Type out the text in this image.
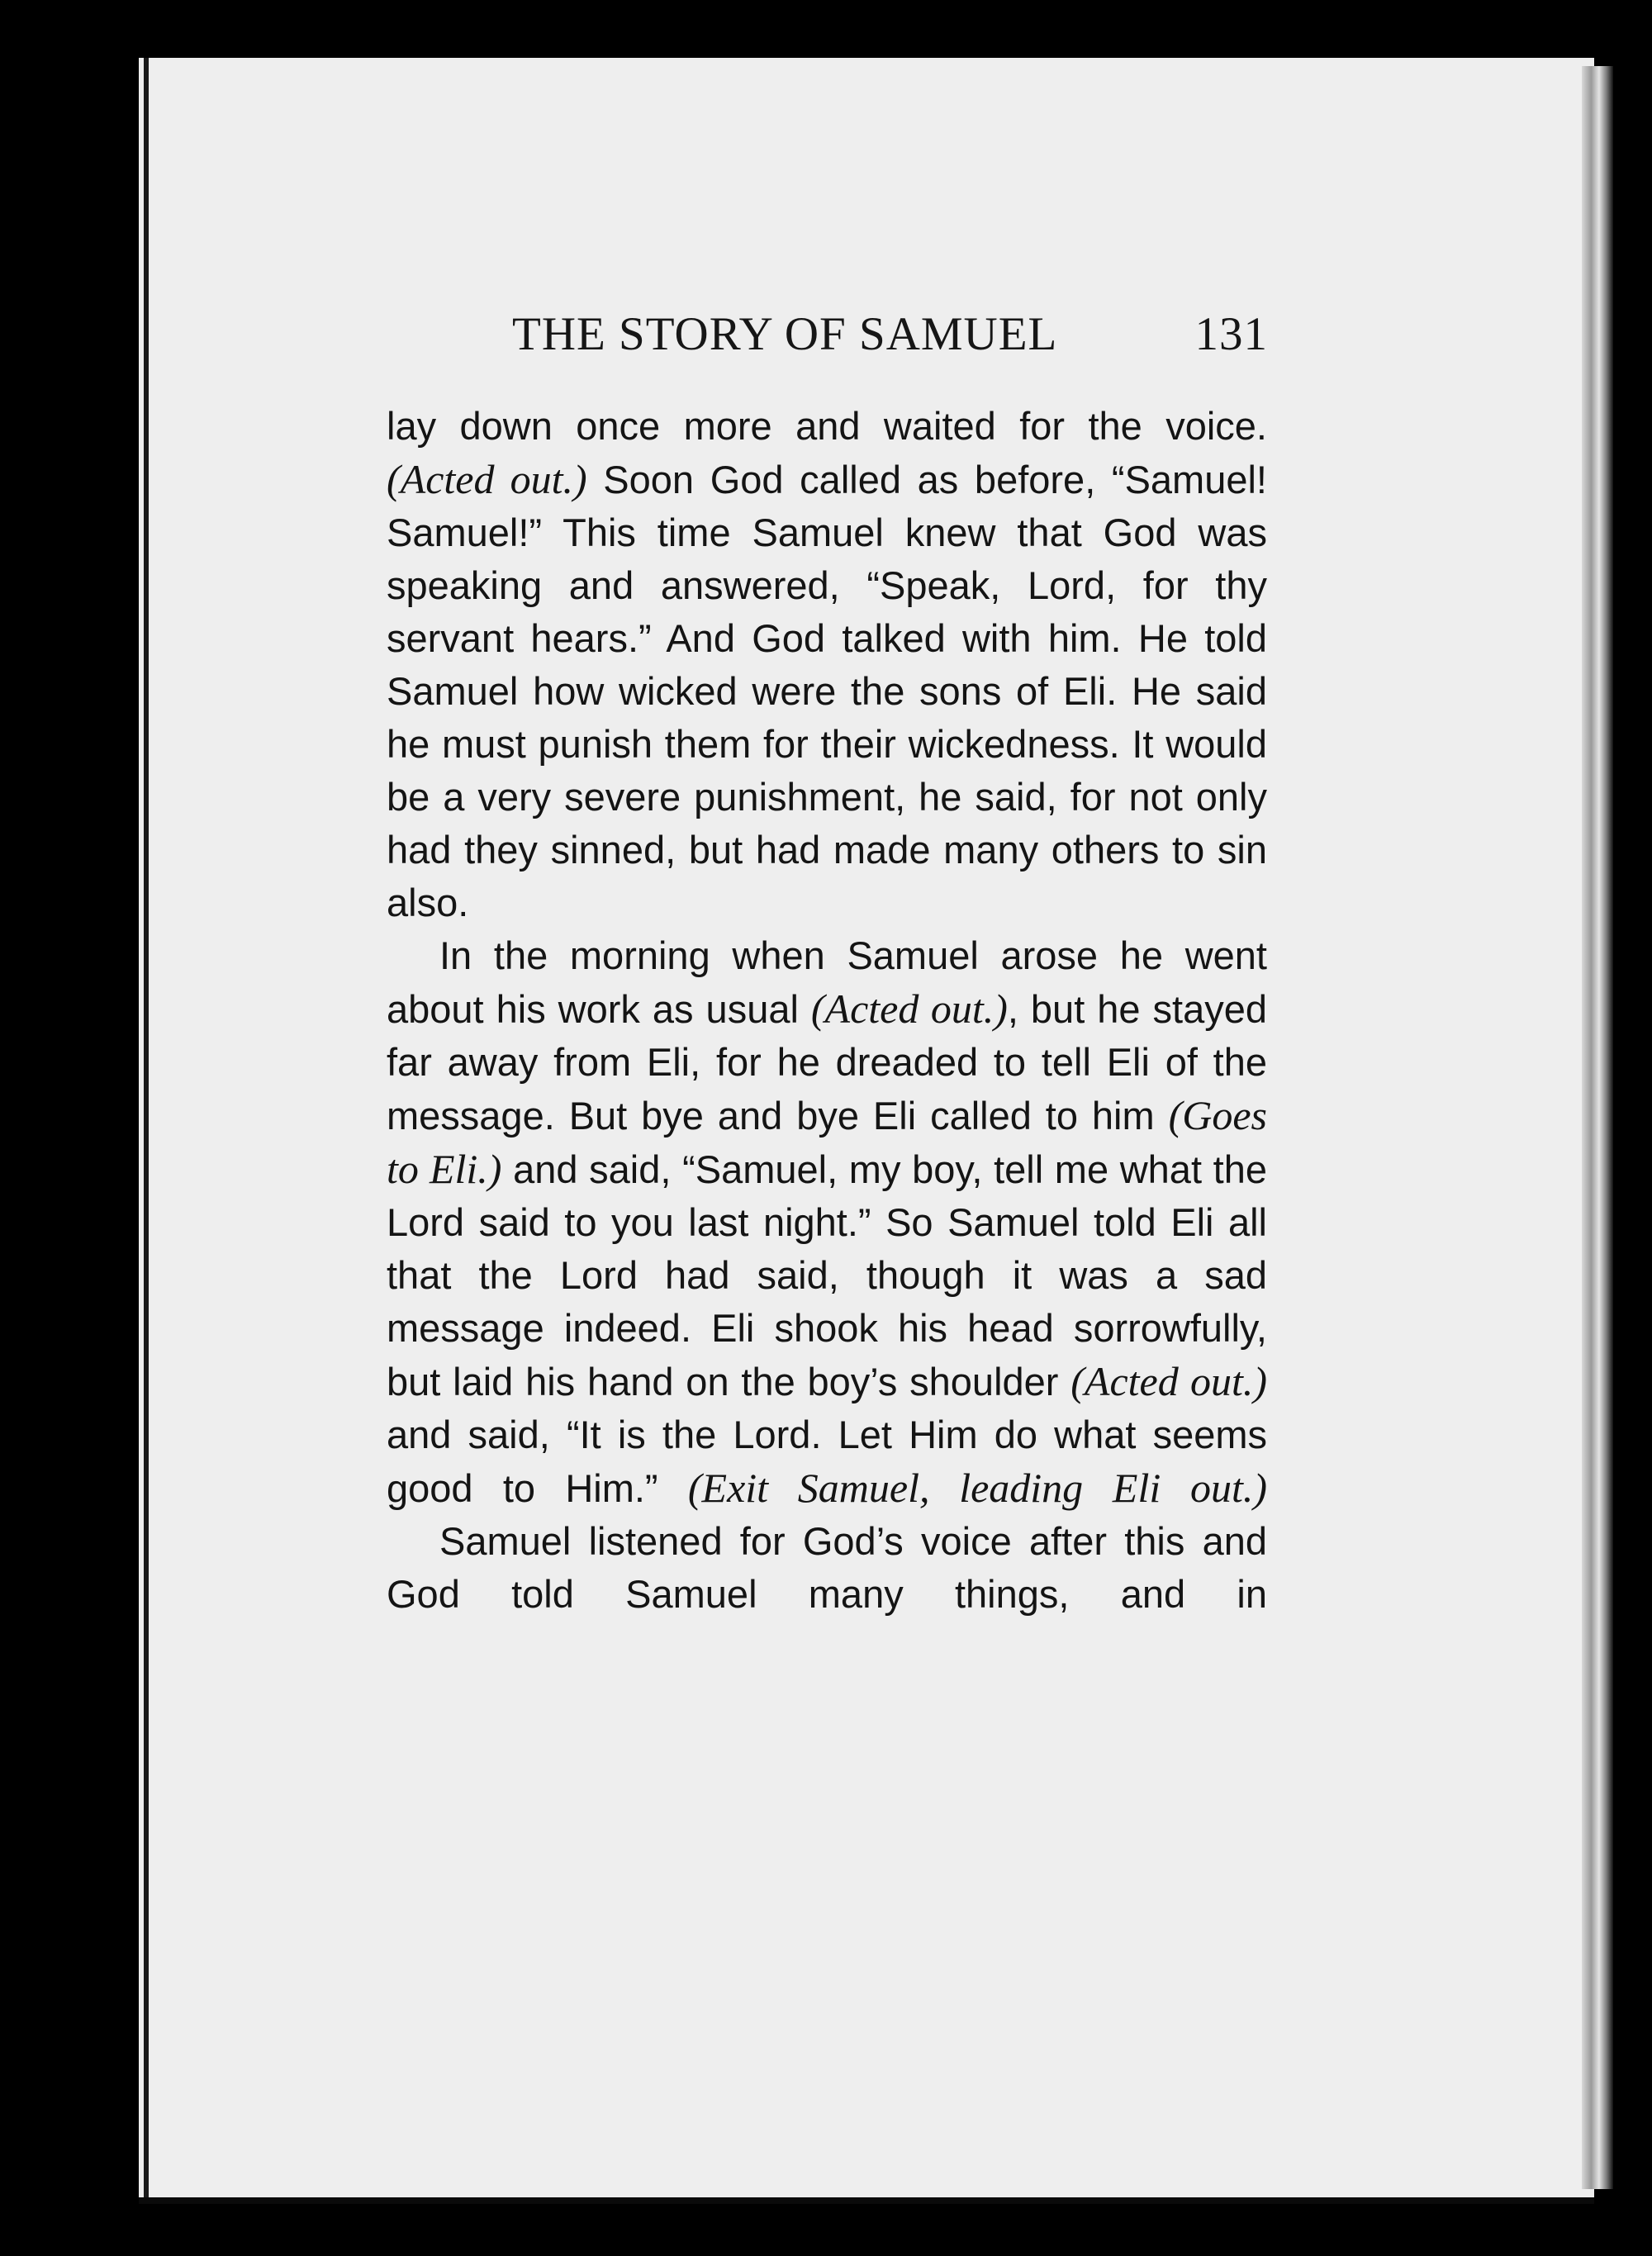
THE STORY OF SAMUEL	131

lay down once more and waited for the voice. (Acted out.) Soon God called as before, “Samuel! Samuel!” This time Samuel knew that God was speaking and answered, “Speak, Lord, for thy servant hears.” And God talked with him. He told Samuel how wicked were the sons of Eli. He said he must punish them for their wickedness. It would be a very severe punishment, he said, for not only had they sinned, but had made many others to sin also.

In the morning when Samuel arose he went about his work as usual (Acted out.), but he stayed far away from Eli, for he dreaded to tell Eli of the message. But bye and bye Eli called to him (Goes to Eli.) and said, “Samuel, my boy, tell me what the Lord said to you last night.” So Samuel told Eli all that the Lord had said, though it was a sad message indeed. Eli shook his head sorrowfully, but laid his hand on the boy’s shoulder (Acted out.) and said, “It is the Lord. Let Him do what seems good to Him.” (Exit Samuel, leading Eli out.)

Samuel listened for God’s voice after this and God told Samuel many things, and in
